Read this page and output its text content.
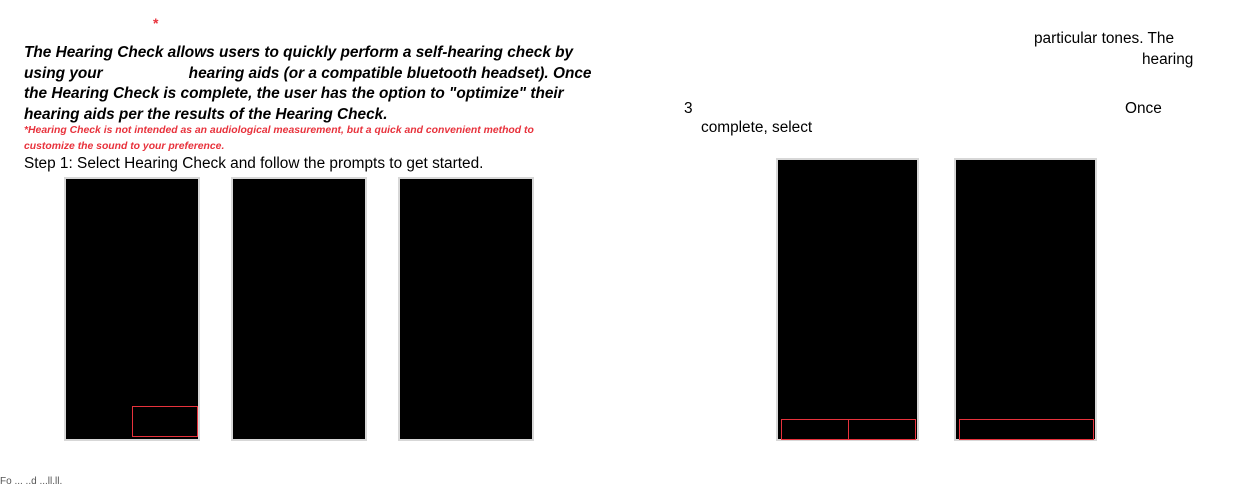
*

The Hearing Check allows users to quickly perform a self-hearing check by using your	hearing aids (or a compatible bluetooth headset). Once the Hearing Check is complete, the user has the option to "optimize" their hearing aids per the results of the Hearing Check.

*Hearing Check is not intended as an audiological measurement, but a quick and convenient method to customize the sound to your preference.

Step 1: Select Hearing Check and follow the prompts to get started.
particular tones. The
hearing
3	Once
complete, select
Fo ... ..d ...ll.ll.
